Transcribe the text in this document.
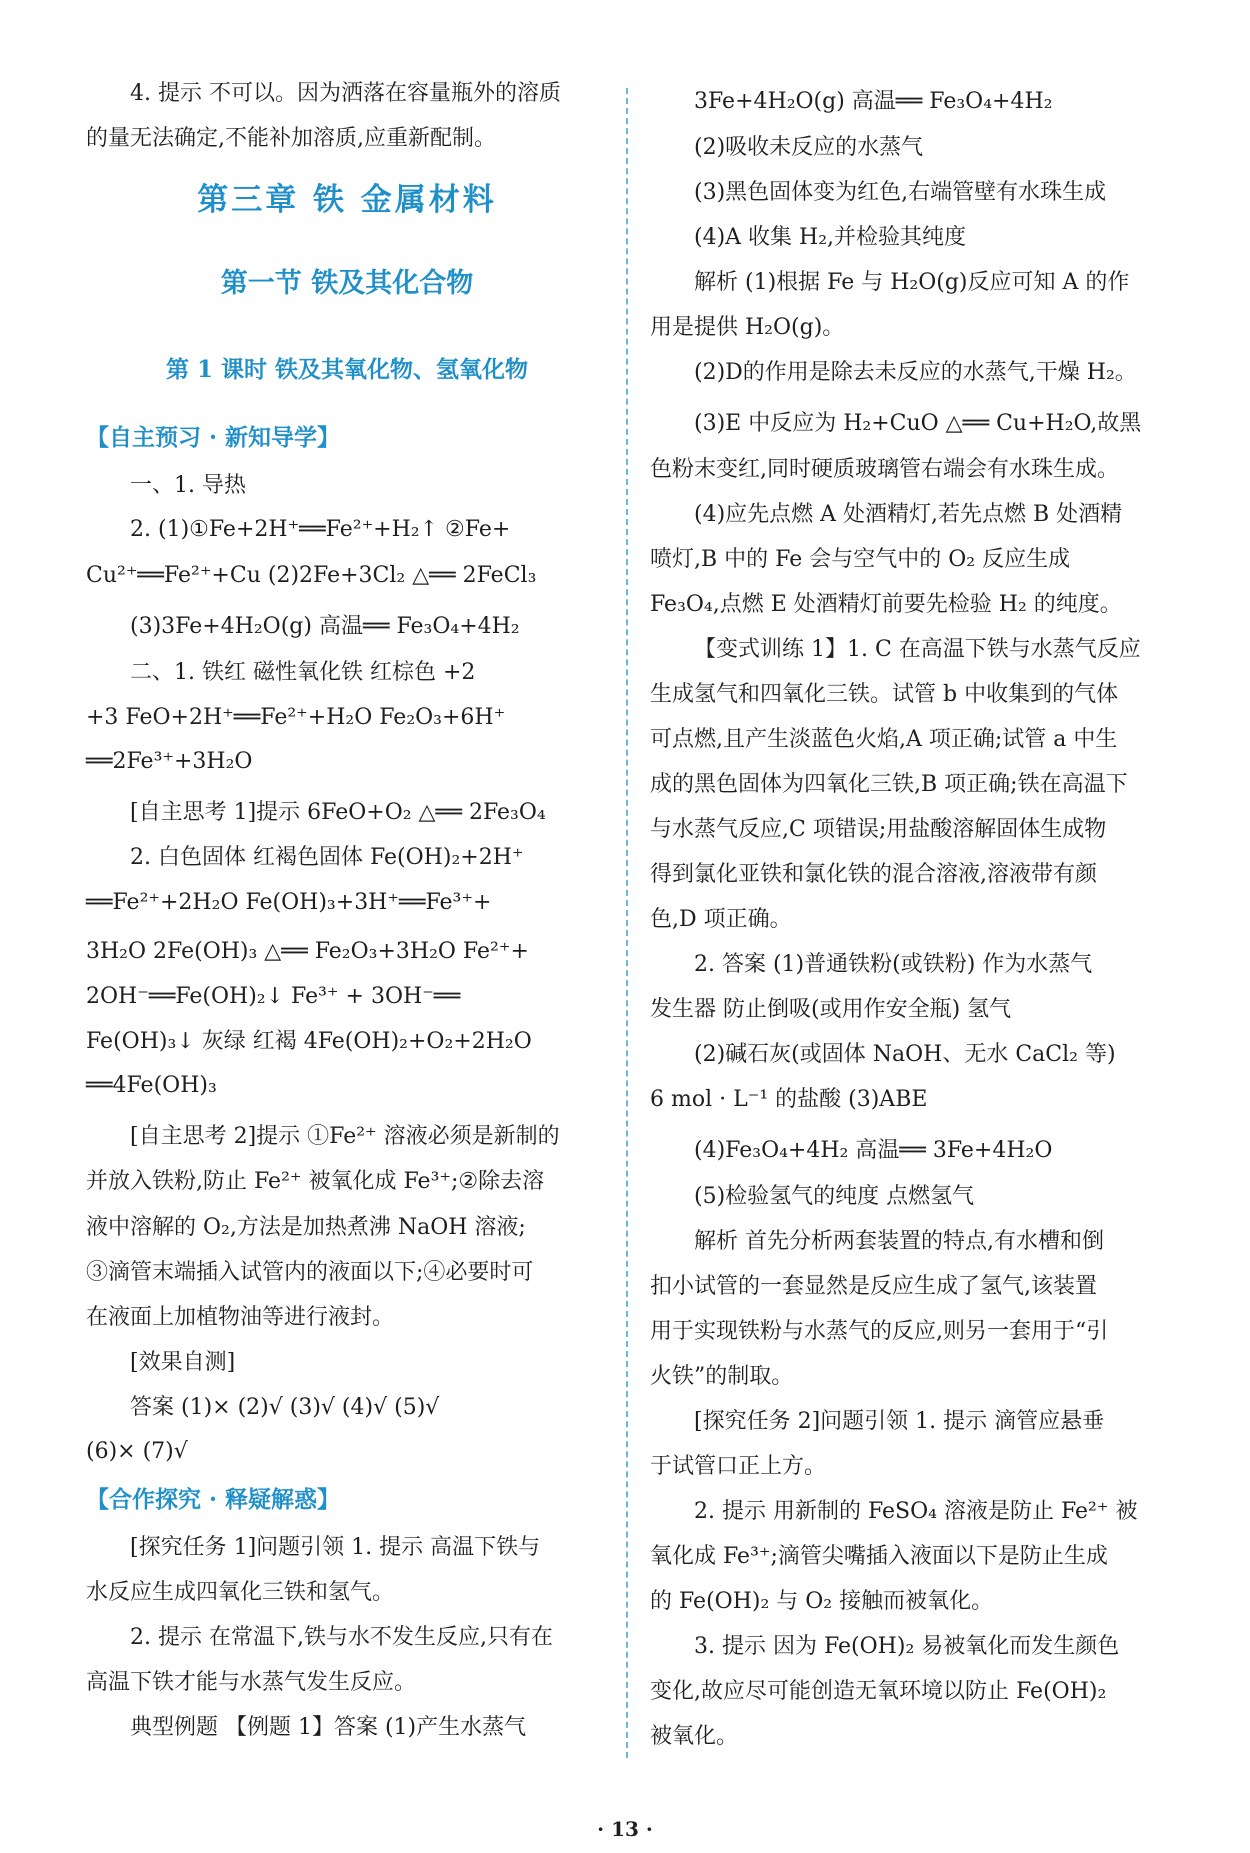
4. 提示 不可以。因为洒落在容量瓶外的溶质
的量无法确定,不能补加溶质,应重新配制。
第三章 铁 金属材料
第一节 铁及其化合物
第 1 课时 铁及其氧化物、氢氧化物
【自主预习 · 新知导学】
一、1. 导热
2. (1)①Fe+2H⁺══Fe²⁺+H₂↑ ②Fe+
Cu²⁺══Fe²⁺+Cu (2)2Fe+3Cl₂ △══ 2FeCl₃
(3)3Fe+4H₂O(g) 高温══ Fe₃O₄+4H₂
二、1. 铁红 磁性氧化铁 红棕色 +2
+3 FeO+2H⁺══Fe²⁺+H₂O Fe₂O₃+6H⁺
══2Fe³⁺+3H₂O
[自主思考 1]提示 6FeO+O₂ △══ 2Fe₃O₄
2. 白色固体 红褐色固体 Fe(OH)₂+2H⁺
══Fe²⁺+2H₂O Fe(OH)₃+3H⁺══Fe³⁺+
3H₂O 2Fe(OH)₃ △══ Fe₂O₃+3H₂O Fe²⁺+
2OH⁻══Fe(OH)₂↓ Fe³⁺ + 3OH⁻══
Fe(OH)₃↓ 灰绿 红褐 4Fe(OH)₂+O₂+2H₂O
══4Fe(OH)₃
[自主思考 2]提示 ①Fe²⁺ 溶液必须是新制的
并放入铁粉,防止 Fe²⁺ 被氧化成 Fe³⁺;②除去溶
液中溶解的 O₂,方法是加热煮沸 NaOH 溶液;
③滴管末端插入试管内的液面以下;④必要时可
在液面上加植物油等进行液封。
[效果自测]
答案 (1)× (2)√ (3)√ (4)√ (5)√
(6)× (7)√
【合作探究 · 释疑解惑】
[探究任务 1]问题引领 1. 提示 高温下铁与
水反应生成四氧化三铁和氢气。
2. 提示 在常温下,铁与水不发生反应,只有在
高温下铁才能与水蒸气发生反应。
典型例题 【例题 1】答案 (1)产生水蒸气
3Fe+4H₂O(g) 高温══ Fe₃O₄+4H₂
(2)吸收未反应的水蒸气
(3)黑色固体变为红色,右端管壁有水珠生成
(4)A 收集 H₂,并检验其纯度
解析 (1)根据 Fe 与 H₂O(g)反应可知 A 的作
用是提供 H₂O(g)。
(2)D的作用是除去未反应的水蒸气,干燥 H₂。
(3)E 中反应为 H₂+CuO △══ Cu+H₂O,故黑
色粉末变红,同时硬质玻璃管右端会有水珠生成。
(4)应先点燃 A 处酒精灯,若先点燃 B 处酒精
喷灯,B 中的 Fe 会与空气中的 O₂ 反应生成
Fe₃O₄,点燃 E 处酒精灯前要先检验 H₂ 的纯度。
【变式训练 1】1. C 在高温下铁与水蒸气反应
生成氢气和四氧化三铁。试管 b 中收集到的气体
可点燃,且产生淡蓝色火焰,A 项正确;试管 a 中生
成的黑色固体为四氧化三铁,B 项正确;铁在高温下
与水蒸气反应,C 项错误;用盐酸溶解固体生成物
得到氯化亚铁和氯化铁的混合溶液,溶液带有颜
色,D 项正确。
2. 答案 (1)普通铁粉(或铁粉) 作为水蒸气
发生器 防止倒吸(或用作安全瓶) 氢气
(2)碱石灰(或固体 NaOH、无水 CaCl₂ 等)
6 mol · L⁻¹ 的盐酸 (3)ABE
(4)Fe₃O₄+4H₂ 高温══ 3Fe+4H₂O
(5)检验氢气的纯度 点燃氢气
解析 首先分析两套装置的特点,有水槽和倒
扣小试管的一套显然是反应生成了氢气,该装置
用于实现铁粉与水蒸气的反应,则另一套用于“引
火铁”的制取。
[探究任务 2]问题引领 1. 提示 滴管应悬垂
于试管口正上方。
2. 提示 用新制的 FeSO₄ 溶液是防止 Fe²⁺ 被
氧化成 Fe³⁺;滴管尖嘴插入液面以下是防止生成
的 Fe(OH)₂ 与 O₂ 接触而被氧化。
3. 提示 因为 Fe(OH)₂ 易被氧化而发生颜色
变化,故应尽可能创造无氧环境以防止 Fe(OH)₂
被氧化。
· 13 ·
